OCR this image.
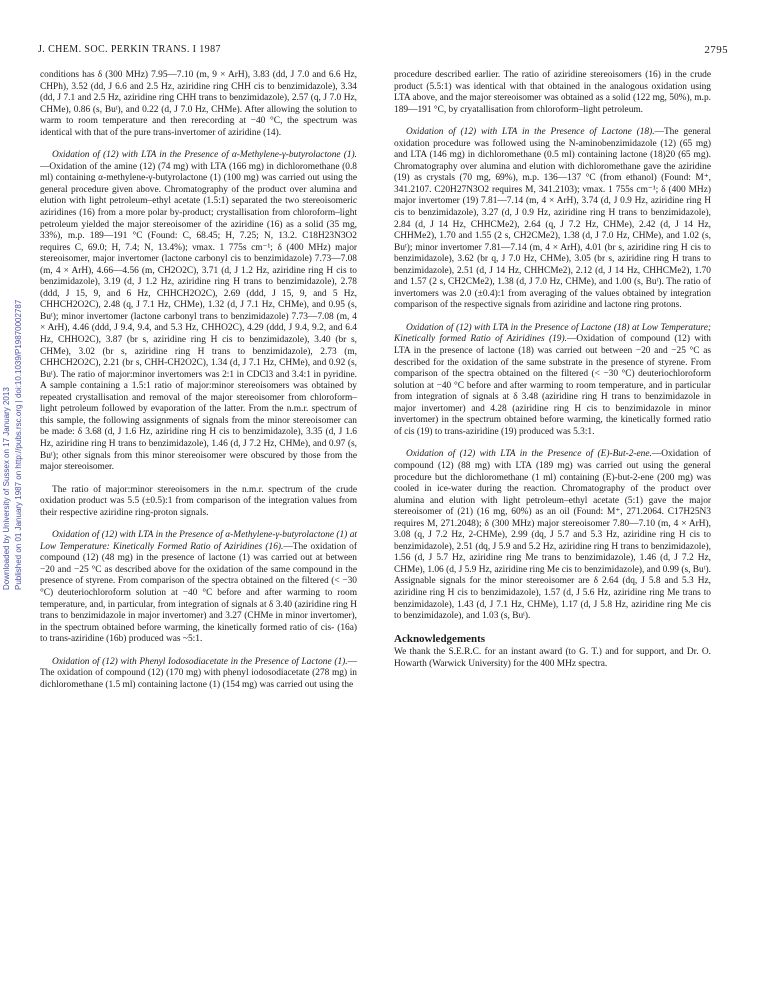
J. CHEM. SOC. PERKIN TRANS. I 1987	2795
Downloaded by University of Sussex on 17 January 2013 Published on 01 January 1987 on http://pubs.rsc.org | doi:10.1039/P19870002787

conditions has δ (300 MHz) 7.95—7.10 (m, 9 × ArH), 3.83 (dd, J 7.0 and 6.6 Hz, CHPh), 3.52 (dd, J 6.6 and 2.5 Hz, aziridine ring CHH cis to benzimidazole), 3.34 (dd, J 7.1 and 2.5 Hz, aziridine ring CHH trans to benzimidazole), 2.57 (q, J 7.0 Hz, CHMe), 0.86 (s, Buᵗ), and 0.22 (d, J 7.0 Hz, CHMe). After allowing the solution to warm to room temperature and then rerecording at −40 °C, the spectrum was identical with that of the pure trans-invertomer of aziridine (14).

Oxidation of (12) with LTA in the Presence of α-Methylene-γ-butyrolactone (1).—Oxidation of the amine (12) (74 mg) with LTA (166 mg) in dichloromethane (0.8 ml) containing α-methylene-γ-butyrolactone (1) (100 mg) was carried out using the general procedure given above. Chromatography of the product over alumina and elution with light petroleum–ethyl acetate (1.5:1) separated the two stereoisomeric aziridines (16) from a more polar by-product; crystallisation from chloroform–light petroleum yielded the major stereoisomer of the aziridine (16) as a solid (35 mg, 33%), m.p. 189—191 °C (Found: C, 68.45; H, 7.25; N, 13.2. C18H23N3O2 requires C, 69.0; H, 7.4; N, 13.4%); νmax. 1 775s cm⁻¹; δ (400 MHz) major stereoisomer, major invertomer (lactone carbonyl cis to benzimidazole) 7.73—7.08 (m, 4 × ArH), 4.66—4.56 (m, CH2O2C), 3.71 (d, J 1.2 Hz, aziridine ring H cis to benzimidazole), 3.19 (d, J 1.2 Hz, aziridine ring H trans to benzimidazole), 2.78 (ddd, J 15, 9, and 6 Hz, CHHCH2O2C), 2.69 (ddd, J 15, 9, and 5 Hz, CHHCH2O2C), 2.48 (q, J 7.1 Hz, CHMe), 1.32 (d, J 7.1 Hz, CHMe), and 0.95 (s, Buᵗ); minor invertomer (lactone carbonyl trans to benzimidazole) 7.73—7.08 (m, 4 × ArH), 4.46 (ddd, J 9.4, 9.4, and 5.3 Hz, CHHO2C), 4.29 (ddd, J 9.4, 9.2, and 6.4 Hz, CHHO2C), 3.87 (br s, aziridine ring H cis to benzimidazole), 3.40 (br s, CHMe), 3.02 (br s, aziridine ring H trans to benzimidazole), 2.73 (m, CHHCH2O2C), 2.21 (br s, CHH-CH2O2C), 1.34 (d, J 7.1 Hz, CHMe), and 0.92 (s, Buᵗ). The ratio of major:minor invertomers was 2:1 in CDCl3 and 3.4:1 in pyridine. A sample containing a 1.5:1 ratio of major:minor stereoisomers was obtained by repeated crystallisation and removal of the major stereoisomer from chloroform–light petroleum followed by evaporation of the latter. From the n.m.r. spectrum of this sample, the following assignments of signals from the minor stereoisomer can be made: δ 3.68 (d, J 1.6 Hz, aziridine ring H cis to benzimidazole), 3.35 (d, J 1.6 Hz, aziridine ring H trans to benzimidazole), 1.46 (d, J 7.2 Hz, CHMe), and 0.97 (s, Buᵗ); other signals from this minor stereoisomer were obscured by those from the major stereoisomer.

The ratio of major:minor stereoisomers in the n.m.r. spectrum of the crude oxidation product was 5.5 (±0.5):1 from comparison of the integration values from their respective aziridine ring-proton signals.

Oxidation of (12) with LTA in the Presence of α-Methylene-γ-butyrolactone (1) at Low Temperature: Kinetically Formed Ratio of Aziridines (16).—The oxidation of compound (12) (48 mg) in the presence of lactone (1) was carried out at between −20 and −25 °C as described above for the oxidation of the same compound in the presence of styrene. From comparison of the spectra obtained on the filtered (< −30 °C) deuteriochloroform solution at −40 °C before and after warming to room temperature, and, in particular, from integration of signals at δ 3.40 (aziridine ring H trans to benzimidazole in major invertomer) and 3.27 (CHMe in minor invertomer), in the spectrum obtained before warming, the kinetically formed ratio of cis- (16a) to trans-aziridine (16b) produced was ~5:1.

Oxidation of (12) with Phenyl Iodosodiacetate in the Presence of Lactone (1).—The oxidation of compound (12) (170 mg) with phenyl iodosodiacetate (278 mg) in dichloromethane (1.5 ml) containing lactone (1) (154 mg) was carried out using the

procedure described earlier. The ratio of aziridine stereoisomers (16) in the crude product (5.5:1) was identical with that obtained in the analogous oxidation using LTA above, and the major stereoisomer was obtained as a solid (122 mg, 50%), m.p. 189—191 °C, by cryatallisation from chloroform–light petroleum.

Oxidation of (12) with LTA in the Presence of Lactone (18).—The general oxidation procedure was followed using the N-aminobenzimidazole (12) (65 mg) and LTA (146 mg) in dichloromethane (0.5 ml) containing lactone (18)20 (65 mg). Chromatography over alumina and elution with dichloromethane gave the aziridine (19) as crystals (70 mg, 69%), m.p. 136—137 °C (from ethanol) (Found: M⁺, 341.2107. C20H27N3O2 requires M, 341.2103); νmax. 1 755s cm⁻¹; δ (400 MHz) major invertomer (19) 7.81—7.14 (m, 4 × ArH), 3.74 (d, J 0.9 Hz, aziridine ring H cis to benzimidazole), 3.27 (d, J 0.9 Hz, aziridine ring H trans to benzimidazole), 2.84 (d, J 14 Hz, CHHCMe2), 2.64 (q, J 7.2 Hz, CHMe), 2.42 (d, J 14 Hz, CHHMe2), 1.70 and 1.55 (2 s, CH2CMe2), 1.38 (d, J 7.0 Hz, CHMe), and 1.02 (s, Buᵗ); minor invertomer 7.81—7.14 (m, 4 × ArH), 4.01 (br s, aziridine ring H cis to benzimidazole), 3.62 (br q, J 7.0 Hz, CHMe), 3.05 (br s, aziridine ring H trans to benzimidazole), 2.51 (d, J 14 Hz, CHHCMe2), 2.12 (d, J 14 Hz, CHHCMe2), 1.70 and 1.57 (2 s, CH2CMe2), 1.38 (d, J 7.0 Hz, CHMe), and 1.00 (s, Buᵗ). The ratio of invertomers was 2.0 (±0.4):1 from averaging of the values obtained by integration comparison of the respective signals from aziridine and lactone ring protons.

Oxidation of (12) with LTA in the Presence of Lactone (18) at Low Temperature; Kinetically formed Ratio of Aziridines (19).—Oxidation of compound (12) with LTA in the presence of lactone (18) was carried out between −20 and −25 °C as described for the oxidation of the same substrate in the presence of styrene. From comparison of the spectra obtained on the filtered (< −30 °C) deuteriochloroform solution at −40 °C before and after warming to room temperature, and in particular from integration of signals at δ 3.48 (aziridine ring H trans to benzimidazole in major invertomer) and 4.28 (aziridine ring H cis to benzimidazole in minor invertomer) in the spectrum obtained before warming, the kinetically formed ratio of cis (19) to trans-aziridine (19) produced was 5.3:1.

Oxidation of (12) with LTA in the Presence of (E)-But-2-ene.—Oxidation of compound (12) (88 mg) with LTA (189 mg) was carried out using the general procedure but the dichloromethane (1 ml) containing (E)-but-2-ene (200 mg) was cooled in ice-water during the reaction. Chromatography of the product over alumina and elution with light petroleum–ethyl acetate (5:1) gave the major stereoisomer of (21) (16 mg, 60%) as an oil (Found: M⁺, 271.2064. C17H25N3 requires M, 271.2048); δ (300 MHz) major stereoisomer 7.80—7.10 (m, 4 × ArH), 3.08 (q, J 7.2 Hz, 2-CHMe), 2.99 (dq, J 5.7 and 5.3 Hz, aziridine ring H cis to benzimidazole), 2.51 (dq, J 5.9 and 5.2 Hz, aziridine ring H trans to benzimidazole), 1.56 (d, J 5.7 Hz, aziridine ring Me trans to benzimidazole), 1.46 (d, J 7.2 Hz, CHMe), 1.06 (d, J 5.9 Hz, aziridine ring Me cis to benzimidazole), and 0.99 (s, Buᵗ). Assignable signals for the minor stereoisomer are δ 2.64 (dq, J 5.8 and 5.3 Hz, aziridine ring H cis to benzimidazole), 1.57 (d, J 5.6 Hz, aziridine ring Me trans to benzimidazole), 1.43 (d, J 7.1 Hz, CHMe), 1.17 (d, J 5.8 Hz, aziridine ring Me cis to benzimidazole), and 1.03 (s, Buᵗ).

Acknowledgements

We thank the S.E.R.C. for an instant award (to G. T.) and for support, and Dr. O. Howarth (Warwick University) for the 400 MHz spectra.
